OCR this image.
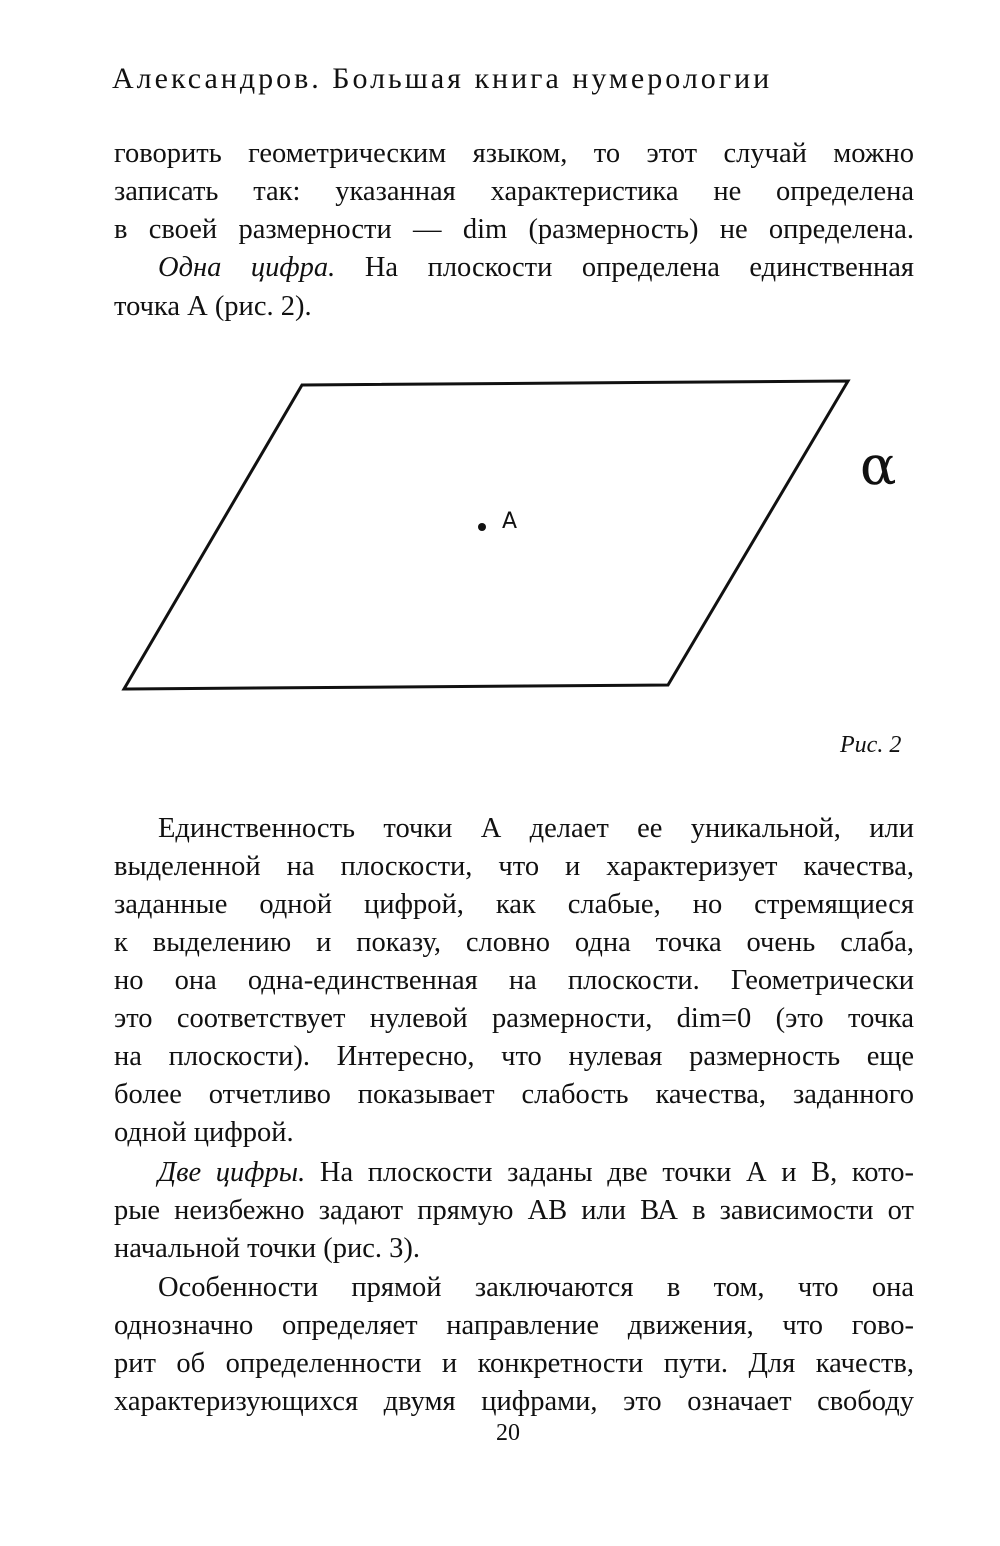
Александров. Большая книга нумерологии
говорить геометрическим языком, то этот случай можно
записать так: указанная характеристика не определена
в своей размерности — dim (размерность) не определена.
Одна цифра. На плоскости определена единственная
точка А (рис. 2).
A
α
Рис. 2
Единственность точки А делает ее уникальной, или
выделенной на плоскости, что и характеризует качества,
заданные одной цифрой, как слабые, но стремящиеся
к выделению и показу, словно одна точка очень слаба,
но она одна-единственная на плоскости. Геометрически
это соответствует нулевой размерности, dim=0 (это точка
на плоскости). Интересно, что нулевая размерность еще
более отчетливо показывает слабость качества, заданного
одной цифрой.
Две цифры. На плоскости заданы две точки А и В, кото-
рые неизбежно задают прямую АВ или ВА в зависимости от
начальной точки (рис. 3).
Особенности прямой заключаются в том, что она
однозначно определяет направление движения, что гово-
рит об определенности и конкретности пути. Для качеств,
характеризующихся двумя цифрами, это означает свободу
20
